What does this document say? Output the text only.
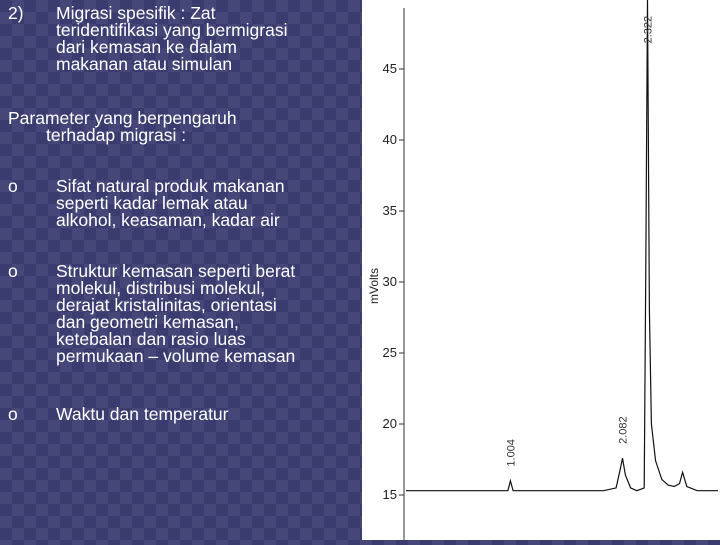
2) Migrasi spesifik : Zat
teridentifikasi yang bermigrasi
dari kemasan ke dalam
makanan atau simulan
Parameter yang berpengaruh
terhadap migrasi :
o Sifat natural produk makanan
seperti kadar lemak atau
alkohol, keasaman, kadar air
o Struktur kemasan seperti berat
molekul, distribusi molekul,
derajat kristalinitas, orientasi
dan geometri kemasan,
ketebalan dan rasio luas
permukaan – volume kemasan
o Waktu dan temperatur
15
20
25
30
35
40
45
mVolts
1.004
2.082
2.322
